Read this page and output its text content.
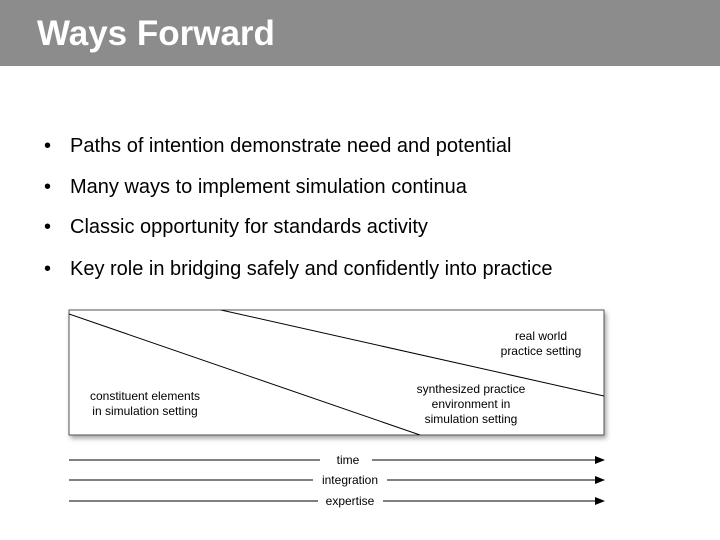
Ways Forward
• Paths of intention demonstrate need and potential
• Many ways to implement simulation continua
• Classic opportunity for standards activity
• Key role in bridging safely and confidently into practice
real world
practice setting
constituent elements
in simulation setting
synthesized practice
environment in
simulation setting
time
integration
expertise
